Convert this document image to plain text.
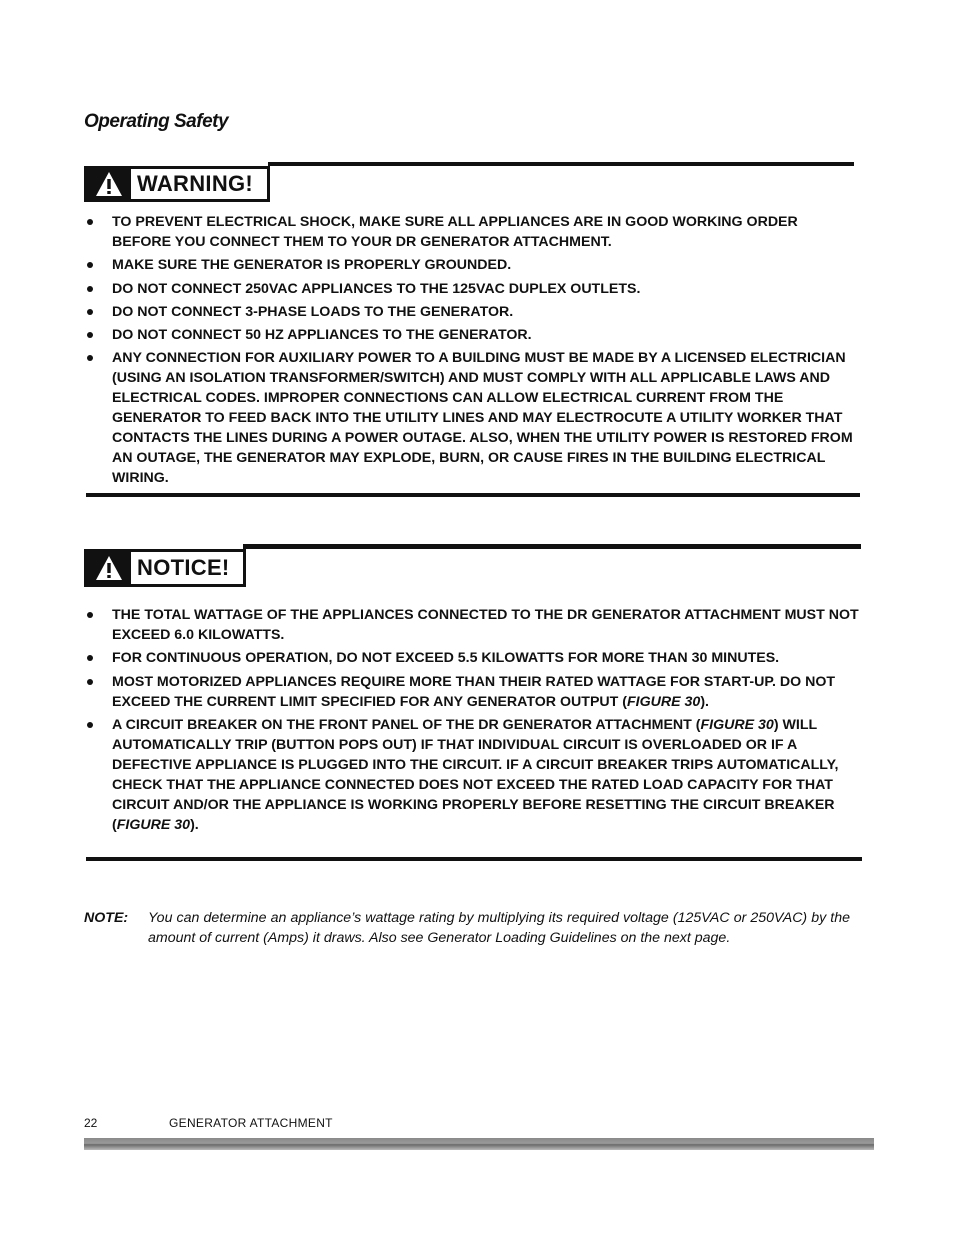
Operating Safety
WARNING!
TO PREVENT ELECTRICAL SHOCK, MAKE SURE ALL APPLIANCES ARE IN GOOD WORKING ORDER BEFORE YOU CONNECT THEM TO YOUR DR GENERATOR ATTACHMENT.
MAKE SURE THE GENERATOR IS PROPERLY GROUNDED.
DO NOT CONNECT 250VAC APPLIANCES TO THE 125VAC DUPLEX OUTLETS.
DO NOT CONNECT 3-PHASE LOADS TO THE GENERATOR.
DO NOT CONNECT 50 HZ APPLIANCES TO THE GENERATOR.
ANY CONNECTION FOR AUXILIARY POWER TO A BUILDING MUST BE MADE BY A LICENSED ELECTRICIAN (USING AN ISOLATION TRANSFORMER/SWITCH) AND MUST COMPLY WITH ALL APPLICABLE LAWS AND ELECTRICAL CODES. IMPROPER CONNECTIONS CAN ALLOW ELECTRICAL CURRENT FROM THE GENERATOR TO FEED BACK INTO THE UTILITY LINES AND MAY ELECTROCUTE A UTILITY WORKER THAT CONTACTS THE LINES DURING A POWER OUTAGE. ALSO, WHEN THE UTILITY POWER IS RESTORED FROM AN OUTAGE, THE GENERATOR MAY EXPLODE, BURN, OR CAUSE FIRES IN THE BUILDING ELECTRICAL WIRING.
NOTICE!
THE TOTAL WATTAGE OF THE APPLIANCES CONNECTED TO THE DR GENERATOR ATTACHMENT MUST NOT EXCEED 6.0 KILOWATTS.
FOR CONTINUOUS OPERATION, DO NOT EXCEED 5.5 KILOWATTS FOR MORE THAN 30 MINUTES.
MOST MOTORIZED APPLIANCES REQUIRE MORE THAN THEIR RATED WATTAGE FOR START-UP. DO NOT EXCEED THE CURRENT LIMIT SPECIFIED FOR ANY GENERATOR OUTPUT (FIGURE 30).
A CIRCUIT BREAKER ON THE FRONT PANEL OF THE DR GENERATOR ATTACHMENT (FIGURE 30) WILL AUTOMATICALLY TRIP (BUTTON POPS OUT) IF THAT INDIVIDUAL CIRCUIT IS OVERLOADED OR IF A DEFECTIVE APPLIANCE IS PLUGGED INTO THE CIRCUIT. IF A CIRCUIT BREAKER TRIPS AUTOMATICALLY, CHECK THAT THE APPLIANCE CONNECTED DOES NOT EXCEED THE RATED LOAD CAPACITY FOR THAT CIRCUIT AND/OR THE APPLIANCE IS WORKING PROPERLY BEFORE RESETTING THE CIRCUIT BREAKER (FIGURE 30).
NOTE: You can determine an appliance’s wattage rating by multiplying its required voltage (125VAC or 250VAC) by the amount of current (Amps) it draws. Also see Generator Loading Guidelines on the next page.
22	GENERATOR ATTACHMENT
